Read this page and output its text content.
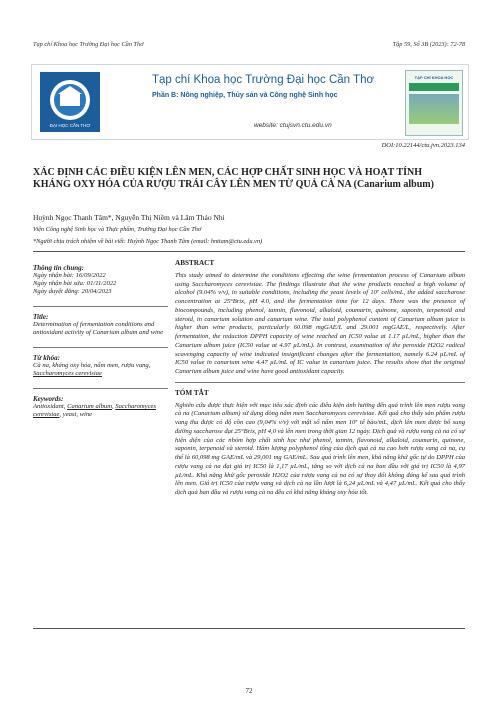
Tạp chí Khoa học Trường Đại học Cần Thơ	Tập 59, Số 3B (2023): 72-78
ĐẠI HỌC CẦN THƠ
Tạp chí Khoa học Trường Đại học Cần Thơ
Phần B: Nông nghiệp, Thủy sản và Công nghệ Sinh học
website: ctujsvn.ctu.edu.vn
TẠP CHÍ KHOA HỌC
DOI:10.22144/ctu.jvn.2023.134
XÁC ĐỊNH CÁC ĐIỀU KIỆN LÊN MEN, CÁC HỢP CHẤT SINH HỌC VÀ HOẠT TÍNH KHÁNG OXY HÓA CỦA RƯỢU TRÁI CÂY LÊN MEN TỪ QUẢ CÀ NA (Canarium album)
Huỳnh Ngọc Thanh Tâm*, Nguyễn Thị Niềm và Lâm Thảo Nhi
Viện Công nghệ Sinh học và Thực phẩm, Trường Đại học Cần Thơ
*Người chịu trách nhiệm về bài viết: Huỳnh Ngọc Thanh Tâm (email: hnttam@ctu.edu.vn)
Thông tin chung:
Ngày nhận bài: 16/09/2022
Ngày nhận bài sửa: 01/11/2022
Ngày duyệt đăng: 20/04/2023
Title:
Determination of fermentation conditions and antioxidant activity of Canarium album and wine
Từ khóa:
Cà na, kháng oxy hóa, nấm men, rượu vang, Saccharomyces cerevisiae
Keywords:
Antioxidant, Canarium album, Saccharomyces cerevisiae, yeast, wine
ABSTRACT

This study aimed to determine the conditions effecting the wine fermentation process of Canarium album using Saccharomyces cerevisiae. The findings illustrate that the wine products reached a high volume of alcohol (9.04% v/v), in suitable conditions, including the yeast levels of 10⁷ cells/mL, the added saccharose concentration at 25°Brix, pH 4.0, and the fermentation time for 12 days. There was the presence of biocompounds, including phenol, tannin, flavonoid, alkaloid, coumarin, quinone, saponin, terpenoid and steroid, in canarium solution and canarium wine. The total polyphenol content of Canarium album juice is higher than wine products, particularly 60.098 mgGAE/L and 29.001 mgGAE/L, respectively. After fermentation, the reduction DPPH capacity of wine reached an IC50 value at 1.17 µL/mL, higher than the Canarium album juice (IC50 value at 4.97 µL/mL). In contrast, examination of the peroxide H2O2 radical scavenging capacity of wine indicated insignificant changes after the fermentation, namely 6.24 µL/mL of IC50 value in canarium wine 4.47 µL/mL of IC value in canarium juice. The results show that the original Canarium album juice and wine have good antioxidant capacity.

TÓM TẮT

Nghiên cứu được thực hiện với mục tiêu xác định các điều kiện ảnh hưởng đến quá trình lên men rượu vang cà na (Canarium album) sử dụng dòng nấm men Saccharomyces cerevisiae. Kết quả cho thấy sản phẩm rượu vang thu được có độ cồn cao (9,04% v/v) với mật số nấm men 10⁷ tế bào/mL, dịch lên men được bổ sung đường saccharose đạt 25°Brix, pH 4,0 và lên men trong thời gian 12 ngày. Dịch quả và rượu vang cà na có sự hiện diện của các nhóm hợp chất sinh học như phenol, tannin, flavonoid, alkaloid, coumarin, quinone, saponin, terpenoid và steroid. Hàm lượng polyphenol tổng của dịch quả cà na cao hơn rượu vang cà na, cụ thể là 60,098 mg GAE/mL và 29,001 mg GAE/mL. Sau quá trình lên men, khả năng khử gốc tự do DPPH của rượu vang cà na đạt giá trị IC50 là 1,17 µL/mL, tăng so với dịch cà na ban đầu với giá trị IC50 là 4,97 µL/mL. Khả năng khử gốc peroxide H2O2 của rượu vang cà na có sự thay đổi không đáng kể sau quá trình lên men. Giá trị IC50 của rượu vang và dịch cà na lần lượt là 6,24 µL/mL và 4,47 µL/mL. Kết quả cho thấy dịch quả ban đầu và rượu vang cà na đều có khả năng kháng oxy hóa tốt.

72
